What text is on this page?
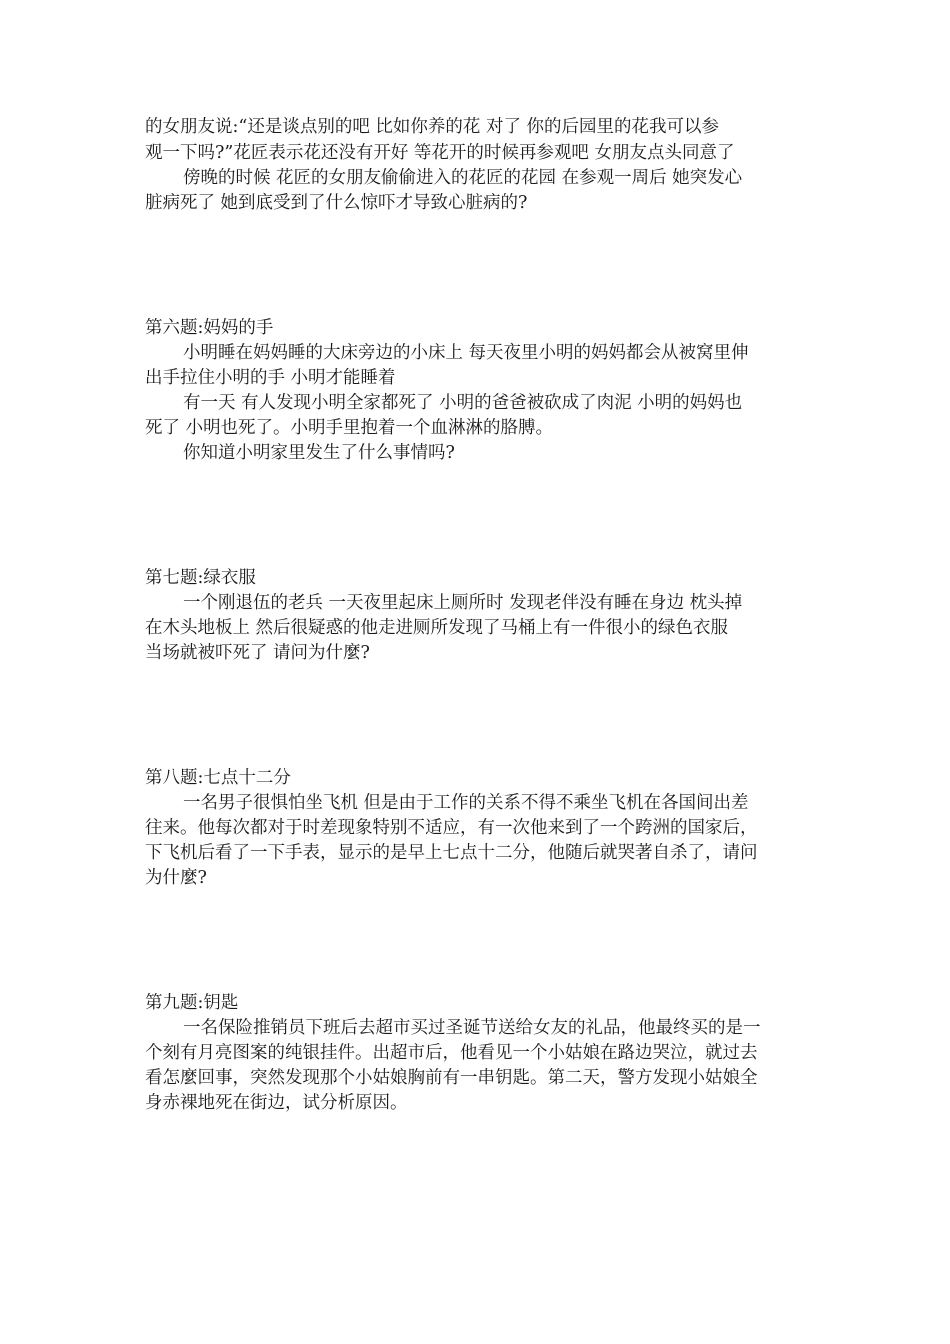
的女朋友说:“还是谈点别的吧 比如你养的花 对了 你的后园里的花我可以参
观一下吗?”花匠表示花还没有开好 等花开的时候再参观吧 女朋友点头同意了
傍晚的时候 花匠的女朋友偷偷进入的花匠的花园 在参观一周后 她突发心
脏病死了 她到底受到了什么惊吓才导致心脏病的?
第六题:妈妈的手
小明睡在妈妈睡的大床旁边的小床上 每天夜里小明的妈妈都会从被窝里伸
出手拉住小明的手 小明才能睡着
有一天 有人发现小明全家都死了 小明的爸爸被砍成了肉泥 小明的妈妈也
死了 小明也死了。小明手里抱着一个血淋淋的胳膊。
你知道小明家里发生了什么事情吗?
第七题:绿衣服
一个刚退伍的老兵 一天夜里起床上厕所时 发现老伴没有睡在身边 枕头掉
在木头地板上 然后很疑惑的他走进厕所发现了马桶上有一件很小的绿色衣服
当场就被吓死了 请问为什麼?
第八题:七点十二分
一名男子很惧怕坐飞机 但是由于工作的关系不得不乘坐飞机在各国间出差
往来。他每次都对于时差现象特别不适应，有一次他来到了一个跨洲的国家后，
下飞机后看了一下手表，显示的是早上七点十二分，他随后就哭著自杀了，请问
为什麼?
第九题:钥匙
一名保险推销员下班后去超市买过圣诞节送给女友的礼品，他最终买的是一
个刻有月亮图案的纯银挂件。出超市后，他看见一个小姑娘在路边哭泣，就过去
看怎麼回事，突然发现那个小姑娘胸前有一串钥匙。第二天，警方发现小姑娘全
身赤裸地死在街边，试分析原因。
